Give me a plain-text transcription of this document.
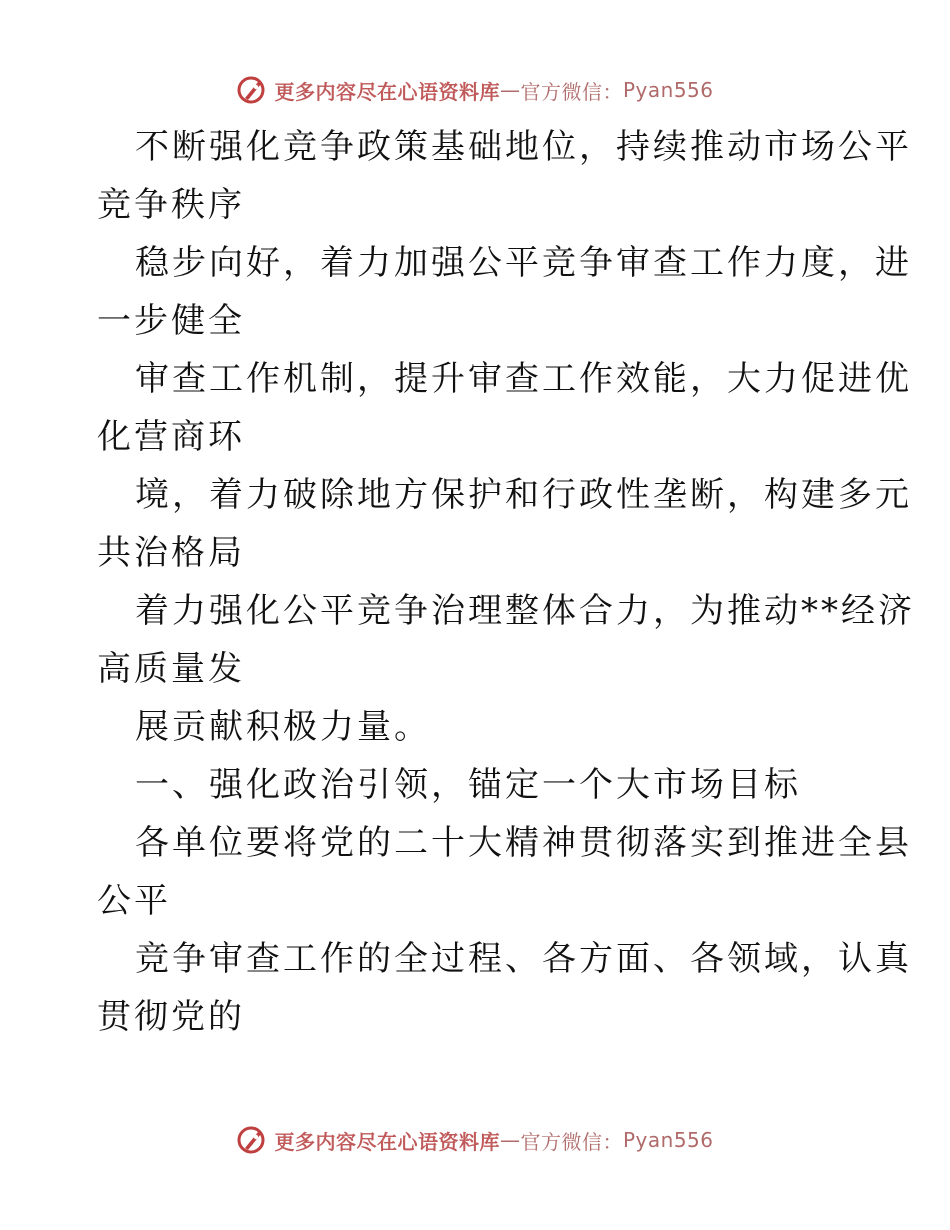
更多内容尽在心语资料库 — 官方微信： Pyan556
不断强化竞争政策基础地位，持续推动市场公平
竞争秩序
稳步向好，着力加强公平竞争审查工作力度，进
一步健全
审查工作机制，提升审查工作效能，大力促进优
化营商环
境，着力破除地方保护和行政性垄断，构建多元
共治格局
着力强化公平竞争治理整体合力，为推动**经济
高质量发
展贡献积极力量。
一、强化政治引领，锚定一个大市场目标
各单位要将党的二十大精神贯彻落实到推进全县
公平
竞争审查工作的全过程、各方面、各领域，认真
贯彻党的
更多内容尽在心语资料库 — 官方微信： Pyan556
